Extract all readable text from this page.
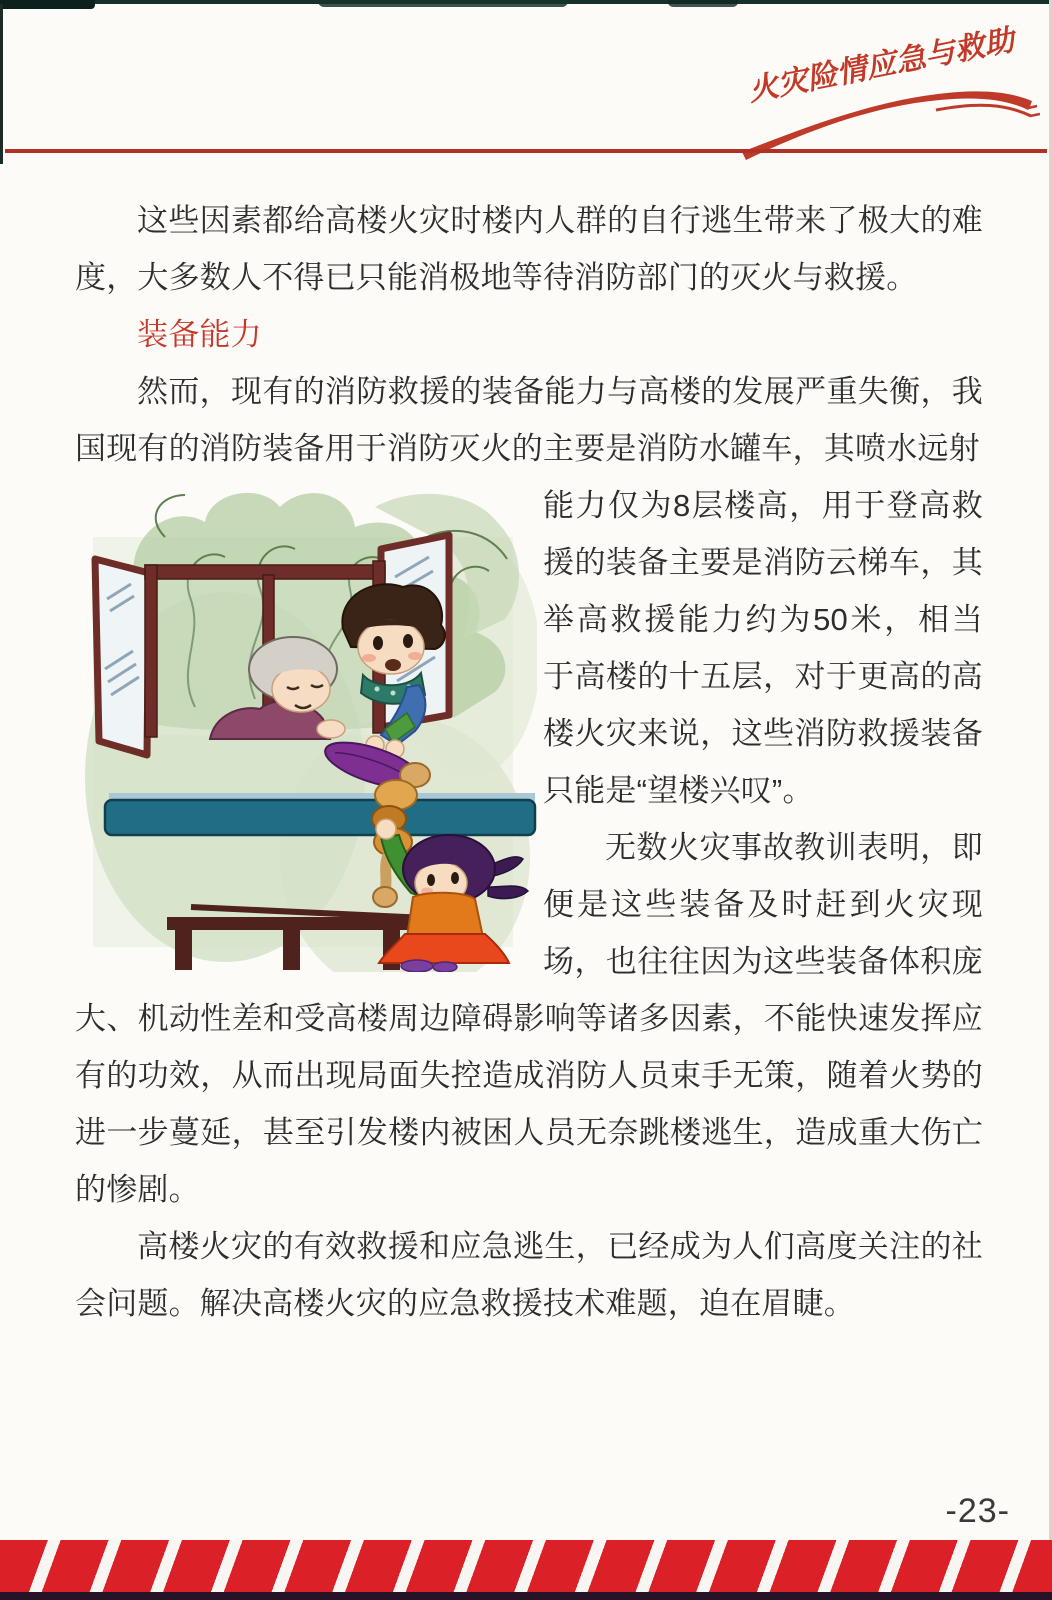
火灾险情应急与救助

这些因素都给高楼火灾时楼内人群的自行逃生带来了极大的难度，大多数人不得已只能消极地等待消防部门的灭火与救援。

装备能力

然而，现有的消防救援的装备能力与高楼的发展严重失衡，我国现有的消防装备用于消防灭火的主要是消防水罐车，其喷水远射

能力仅为8层楼高，用于登高救援的装备主要是消防云梯车，其举高救援能力约为50米，相当于高楼的十五层，对于更高的高楼火灾来说，这些消防救援装备只能是“望楼兴叹”。

无数火灾事故教训表明，即便是这些装备及时赶到火灾现场，也往往因为这些装备体积庞大、机动性差和受高楼周边障碍影响等诸多因素，不能快速发挥应有的功效，从而出现局面失控造成消防人员束手无策，随着火势的进一步蔓延，甚至引发楼内被困人员无奈跳楼逃生，造成重大伤亡的惨剧。

高楼火灾的有效救援和应急逃生，已经成为人们高度关注的社会问题。解决高楼火灾的应急救援技术难题，迫在眉睫。

-23-
